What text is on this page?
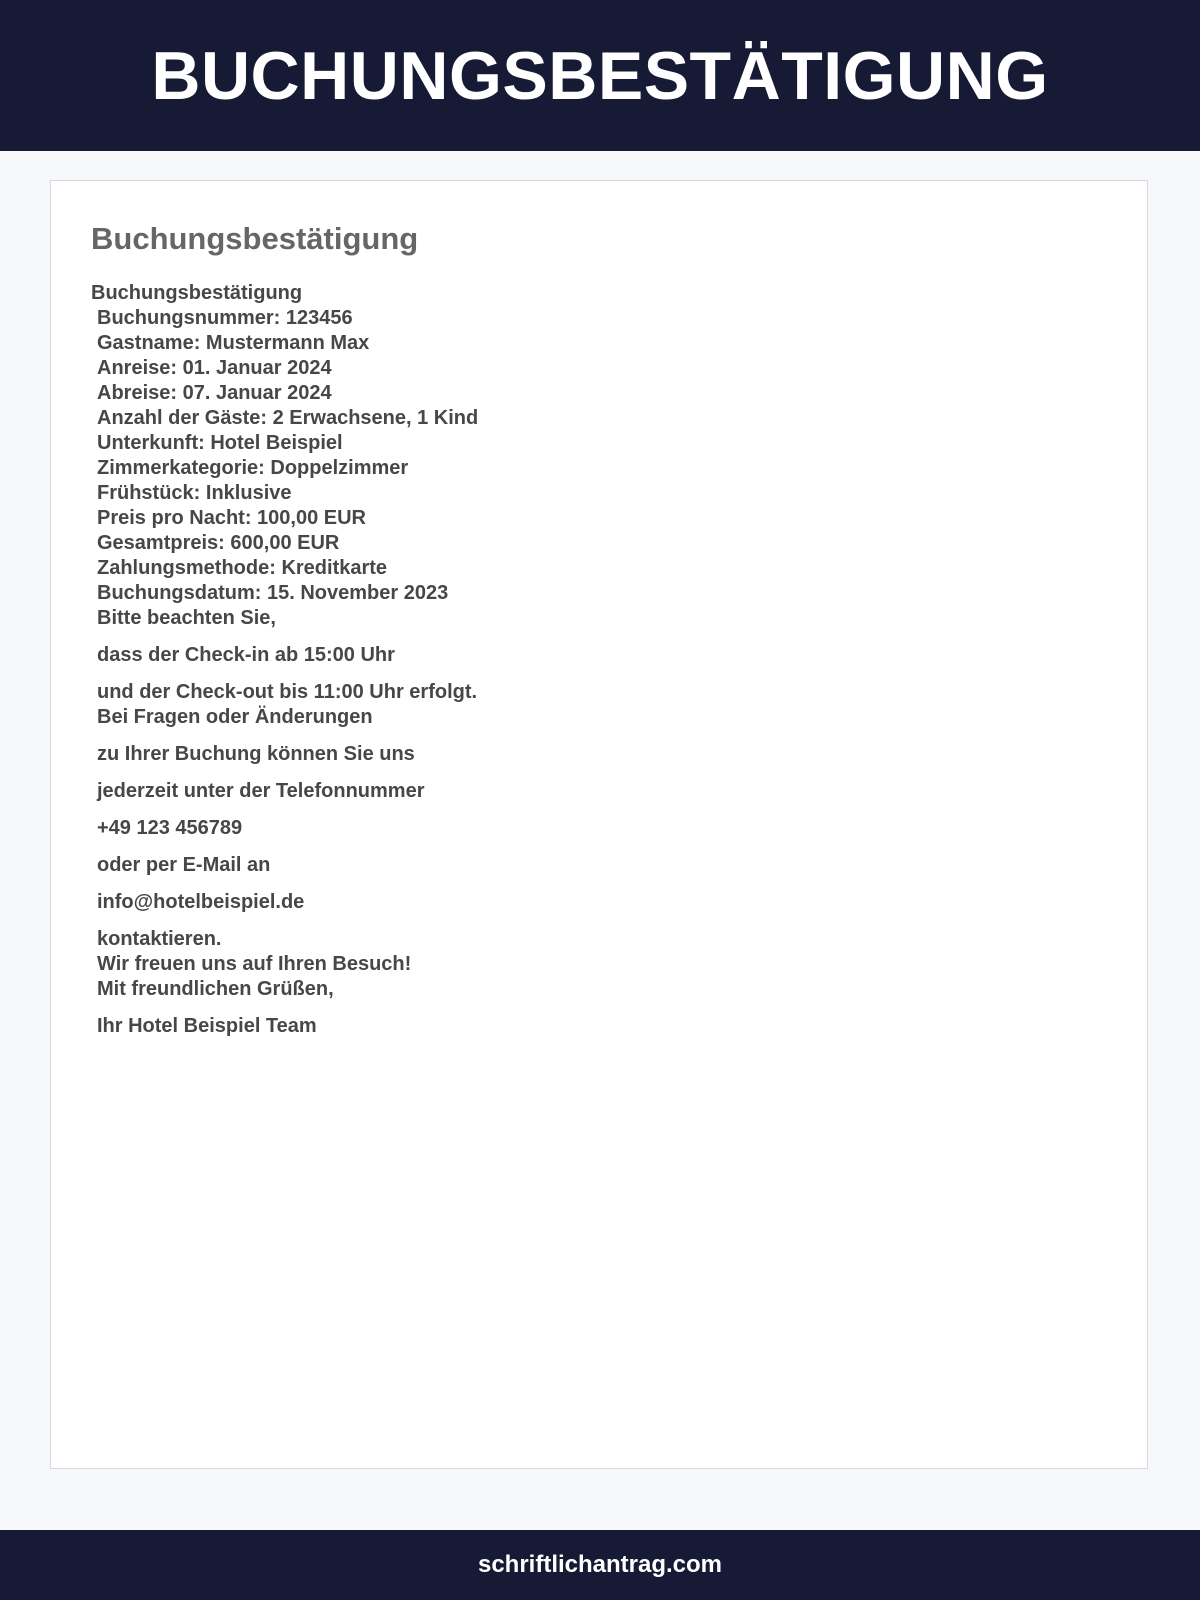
BUCHUNGSBESTÄTIGUNG
Buchungsbestätigung
Buchungsbestätigung
Buchungsnummer: 123456
Gastname: Mustermann Max
Anreise: 01. Januar 2024
Abreise: 07. Januar 2024
Anzahl der Gäste: 2 Erwachsene, 1 Kind
Unterkunft: Hotel Beispiel
Zimmerkategorie: Doppelzimmer
Frühstück: Inklusive
Preis pro Nacht: 100,00 EUR
Gesamtpreis: 600,00 EUR
Zahlungsmethode: Kreditkarte
Buchungsdatum: 15. November 2023
Bitte beachten Sie,
dass der Check-in ab 15:00 Uhr
und der Check-out bis 11:00 Uhr erfolgt.
Bei Fragen oder Änderungen
zu Ihrer Buchung können Sie uns
jederzeit unter der Telefonnummer
+49 123 456789
oder per E-Mail an
info@hotelbeispiel.de
kontaktieren.
Wir freuen uns auf Ihren Besuch!
Mit freundlichen Grüßen,
Ihr Hotel Beispiel Team
schriftlichantrag.com
